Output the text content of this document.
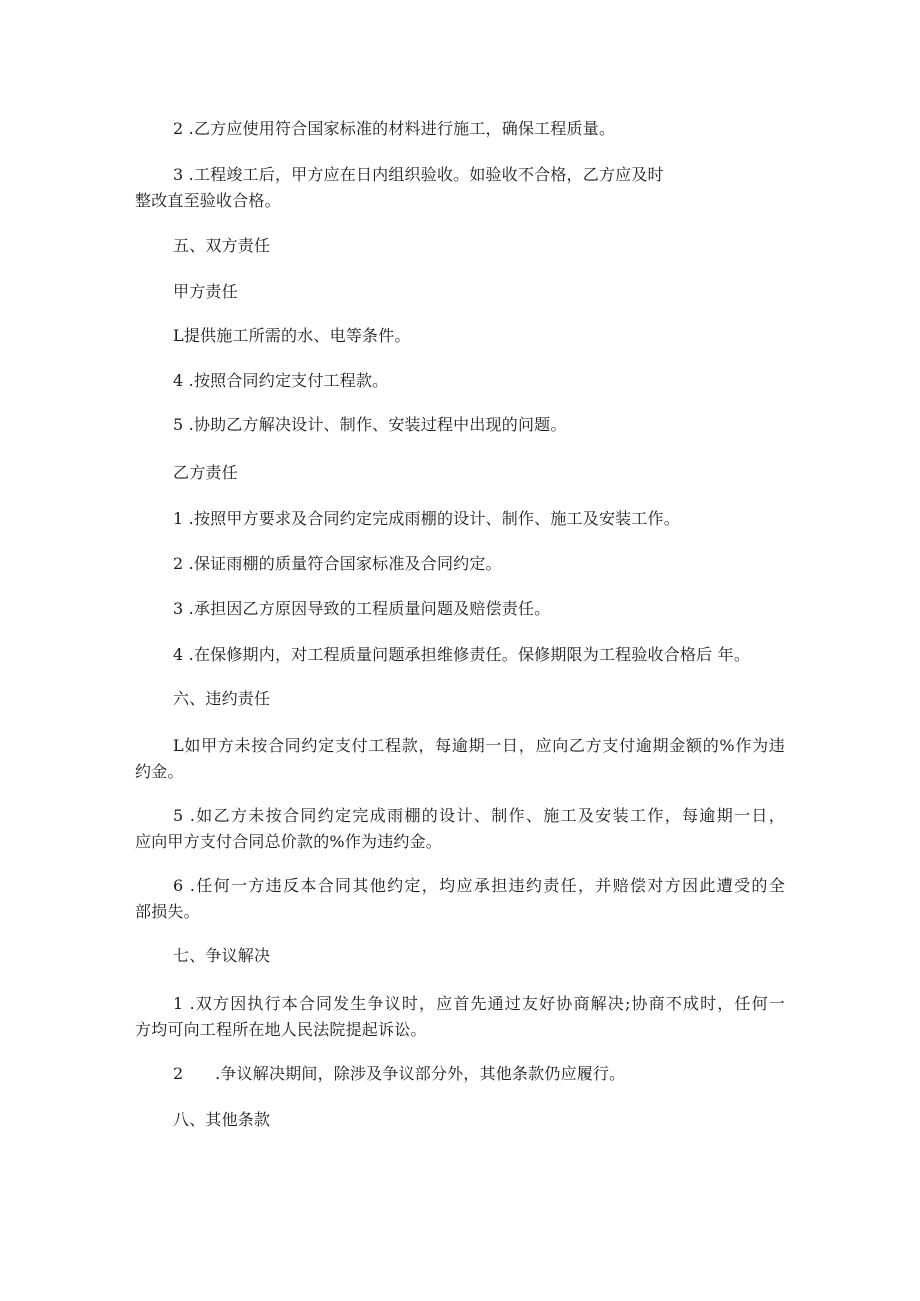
2 .乙方应使用符合国家标准的材料进行施工，确保工程质量。
3 .工程竣工后，甲方应在日内组织验收。如验收不合格，乙方应及时
整改直至验收合格。
五、双方责任
甲方责任
L提供施工所需的水、电等条件。
4 .按照合同约定支付工程款。
5 .协助乙方解决设计、制作、安装过程中出现的问题。
乙方责任
1 .按照甲方要求及合同约定完成雨棚的设计、制作、施工及安装工作。
2 .保证雨棚的质量符合国家标准及合同约定。
3 .承担因乙方原因导致的工程质量问题及赔偿责任。
4 .在保修期内，对工程质量问题承担维修责任。保修期限为工程验收合格后 年。
六、违约责任
L如甲方未按合同约定支付工程款，每逾期一日，应向乙方支付逾期金额的%作为违
约金。
5 .如乙方未按合同约定完成雨棚的设计、制作、施工及安装工作，每逾期一日，
应向甲方支付合同总价款的%作为违约金。
6 .任何一方违反本合同其他约定，均应承担违约责任，并赔偿对方因此遭受的全
部损失。
七、争议解决
1 .双方因执行本合同发生争议时，应首先通过友好协商解决;协商不成时，任何一
方均可向工程所在地人民法院提起诉讼。
2      .争议解决期间，除涉及争议部分外，其他条款仍应履行。
八、其他条款
